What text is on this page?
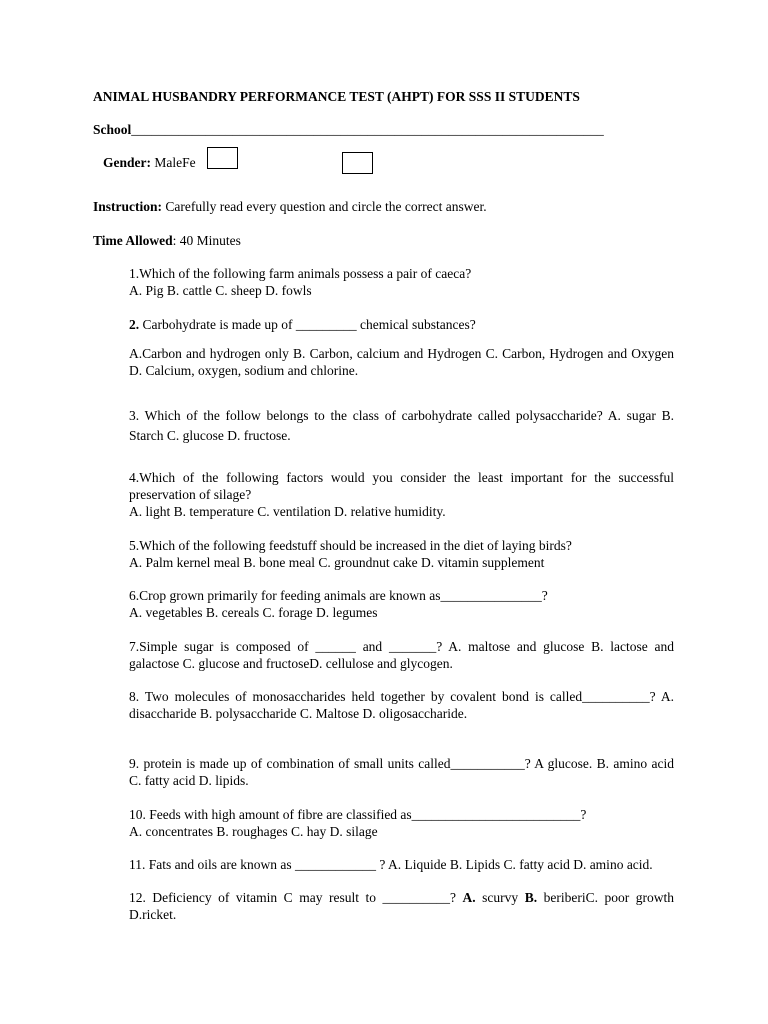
ANIMAL HUSBANDRY PERFORMANCE TEST (AHPT) FOR SSS II STUDENTS
School______________________________________________________________________
Gender: MaleFe
Instruction: Carefully read every question and circle the correct answer.
Time Allowed: 40 Minutes
1.Which of the following farm animals possess a pair of caeca?
A. Pig B. cattle C. sheep D. fowls
2. Carbohydrate is made up of _________ chemical substances?
A.Carbon and hydrogen only B. Carbon, calcium and Hydrogen C. Carbon, Hydrogen and Oxygen D. Calcium, oxygen, sodium and chlorine.
3. Which of the follow belongs to the class of carbohydrate called polysaccharide? A. sugar B. Starch C. glucose D. fructose.
4.Which of the following factors would you consider the least important for the successful preservation of silage?
A. light B. temperature C. ventilation D. relative humidity.
5.Which of the following feedstuff should be increased in the diet of laying birds?
A. Palm kernel meal B. bone meal C. groundnut cake D. vitamin supplement
6.Crop grown primarily for feeding animals are known as_______________?
A. vegetables B. cereals C. forage D. legumes
7.Simple sugar is composed of ______ and _______? A. maltose and glucose B. lactose and galactose C. glucose and fructoseD. cellulose and glycogen.
8. Two molecules of monosaccharides held together by covalent bond is called__________? A. disaccharide B. polysaccharide C. Maltose D. oligosaccharide.
9. protein is made up of combination of small units called___________? A glucose. B. amino acid C. fatty acid D. lipids.
10. Feeds with high amount of fibre are classified as_________________________?
A. concentrates B. roughages C. hay D. silage
11. Fats and oils are known as ____________ ? A. Liquide B. Lipids C. fatty acid D. amino acid.
12. Deficiency of vitamin C may result to __________? A. scurvy B. beriberiC. poor growth D.ricket.
